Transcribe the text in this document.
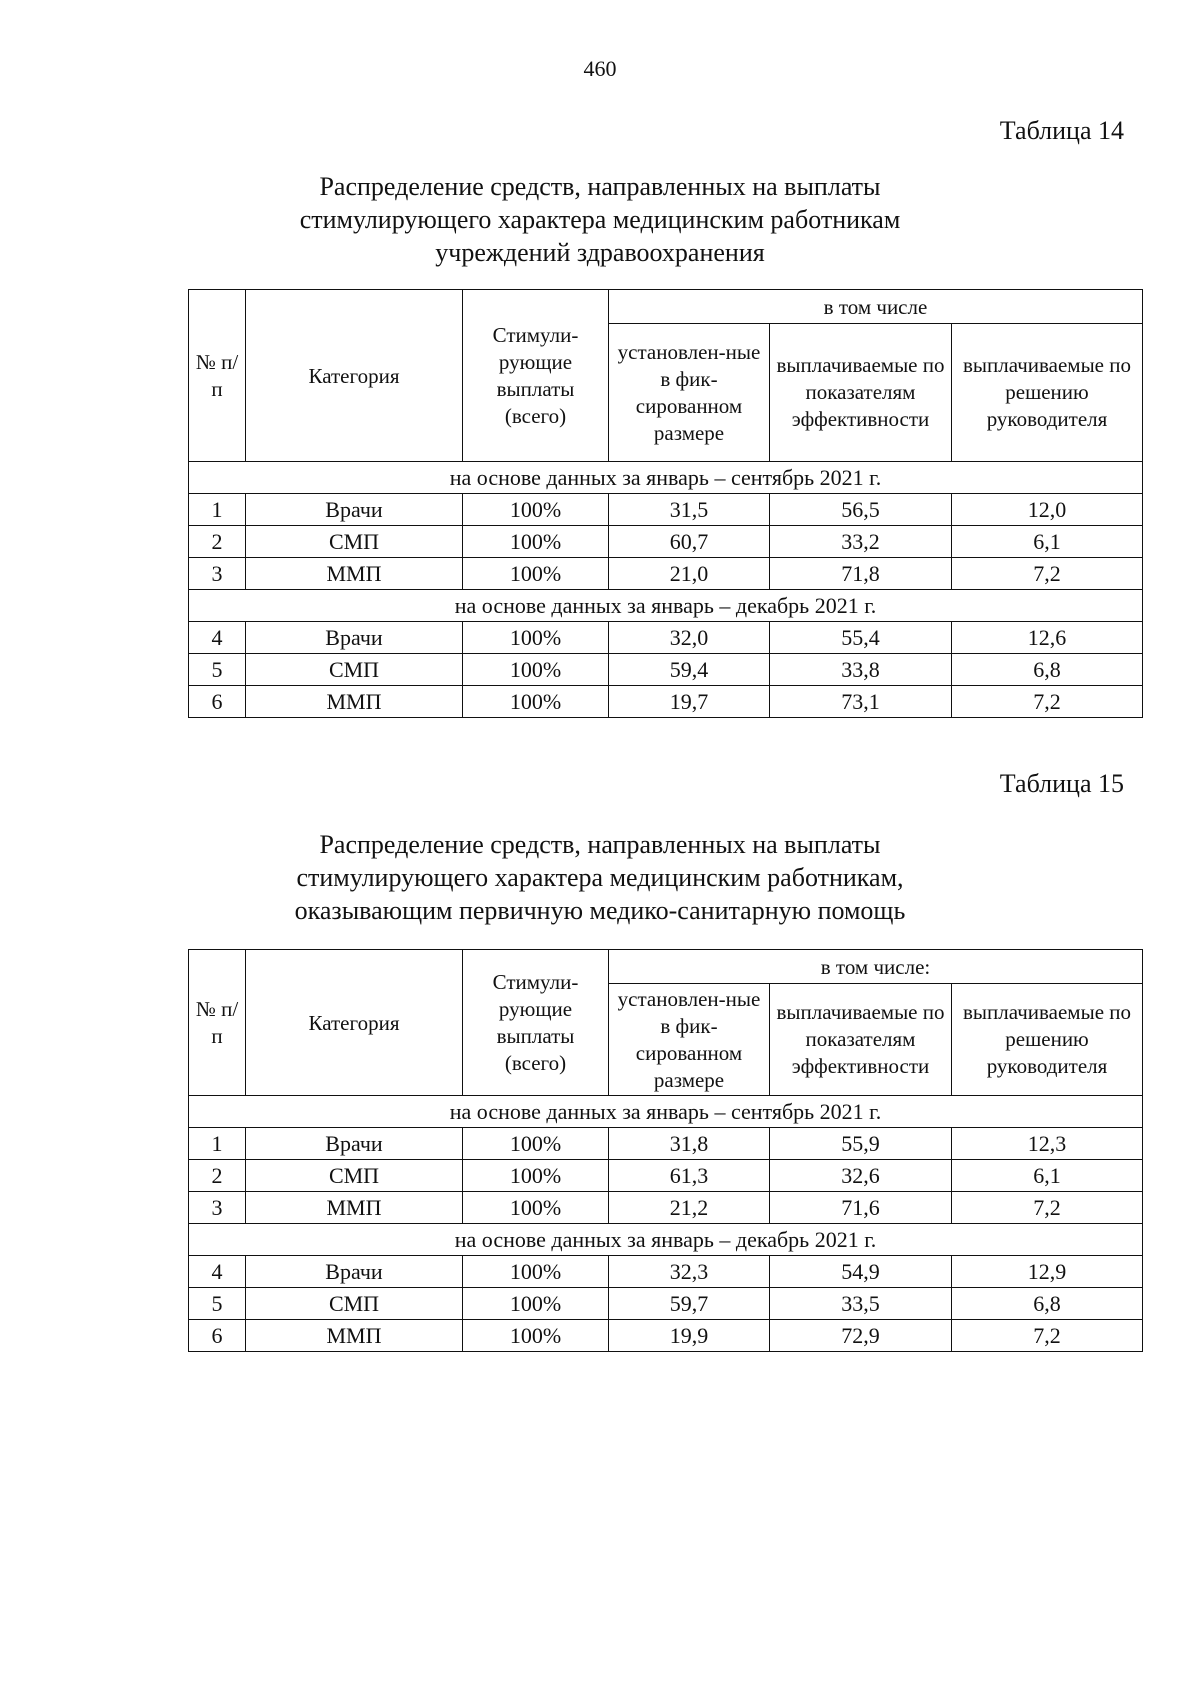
460
Таблица 14
Распределение средств, направленных на выплаты
стимулирующего характера медицинским работникам
учреждений здравоохранения
№ п/п	Категория	Стимули-рующие выплаты (всего)	в том числе		
			установлен-ные в фик-сированном размере	выплачиваемые по показателям эффективности	выплачиваемые по решению руководителя
на основе данных за январь – сентябрь 2021 г.					
1	Врачи	100%	31,5	56,5	12,0
2	СМП	100%	60,7	33,2	6,1
3	ММП	100%	21,0	71,8	7,2
на основе данных за январь – декабрь 2021 г.					
4	Врачи	100%	32,0	55,4	12,6
5	СМП	100%	59,4	33,8	6,8
6	ММП	100%	19,7	73,1	7,2
Таблица 15
Распределение средств, направленных на выплаты
стимулирующего характера медицинским работникам,
оказывающим первичную медико-санитарную помощь
№ п/п	Категория	Стимули-рующие выплаты (всего)	в том числе:		
			установлен-ные в фик-сированном размере	выплачиваемые по показателям эффективности	выплачиваемые по решению руководителя
на основе данных за январь – сентябрь 2021 г.					
1	Врачи	100%	31,8	55,9	12,3
2	СМП	100%	61,3	32,6	6,1
3	ММП	100%	21,2	71,6	7,2
на основе данных за январь – декабрь 2021 г.					
4	Врачи	100%	32,3	54,9	12,9
5	СМП	100%	59,7	33,5	6,8
6	ММП	100%	19,9	72,9	7,2
